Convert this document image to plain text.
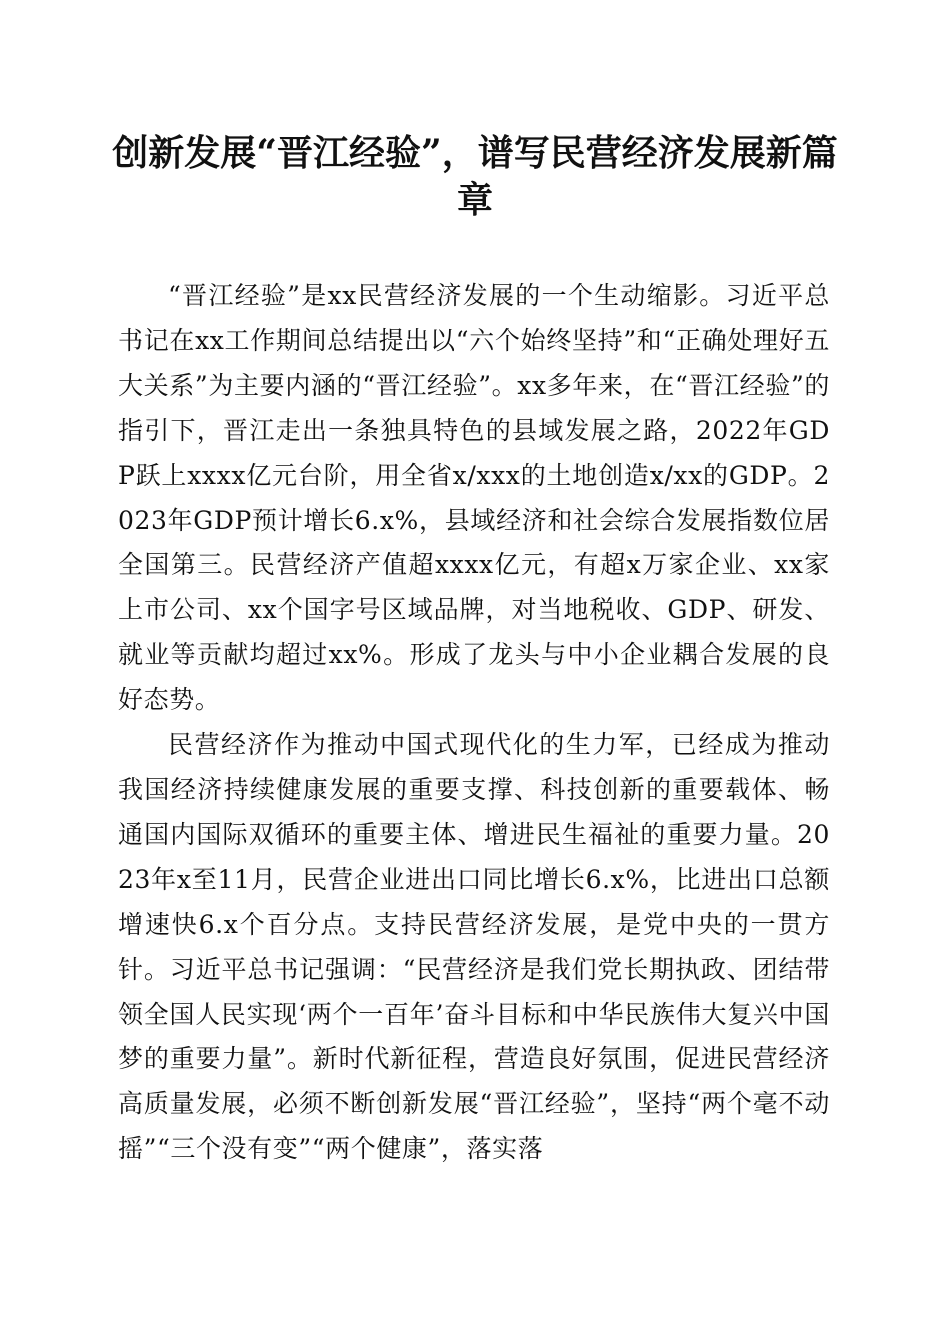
创新发展“晋江经验”，谱写民营经济发展新篇章

“晋江经验”是xx民营经济发展的一个生动缩影。习近平总书记在xx工作期间总结提出以“六个始终坚持”和“正确处理好五大关系”为主要内涵的“晋江经验”。xx多年来，在“晋江经验”的指引下，晋江走出一条独具特色的县域发展之路，2022年GDP跃上xxxx亿元台阶，用全省x/xxx的土地创造x/xx的GDP。2023年GDP预计增长6.x%，县域经济和社会综合发展指数位居全国第三。民营经济产值超xxxx亿元，有超x万家企业、xx家上市公司、xx个国字号区域品牌，对当地税收、GDP、研发、就业等贡献均超过xx%。形成了龙头与中小企业耦合发展的良好态势。

民营经济作为推动中国式现代化的生力军，已经成为推动我国经济持续健康发展的重要支撑、科技创新的重要载体、畅通国内国际双循环的重要主体、增进民生福祉的重要力量。2023年x至11月，民营企业进出口同比增长6.x%，比进出口总额增速快6.x个百分点。支持民营经济发展，是党中央的一贯方针。习近平总书记强调：“民营经济是我们党长期执政、团结带领全国人民实现‘两个一百年’奋斗目标和中华民族伟大复兴中国梦的重要力量”。新时代新征程，营造良好氛围，促进民营经济高质量发展，必须不断创新发展“晋江经验”，坚持“两个毫不动摇”“三个没有变”“两个健康”，落实落
